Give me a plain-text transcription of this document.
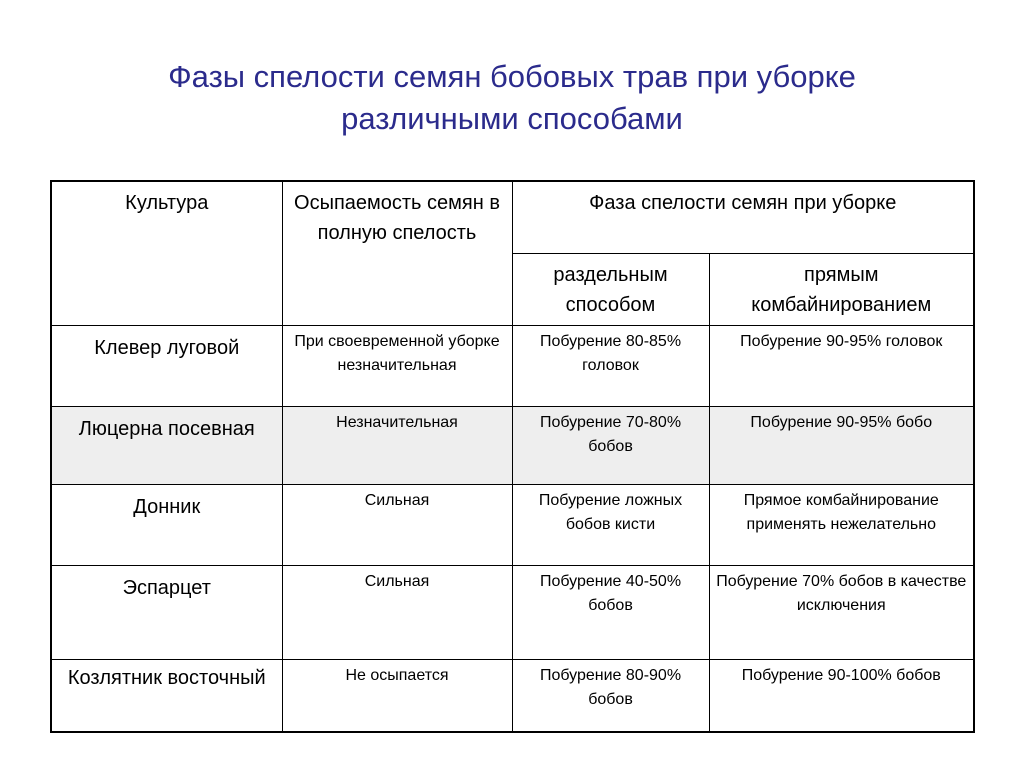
Фазы спелости семян бобовых трав при уборке
различными способами
Культура	Осыпаемость семян в полную спелость	Фаза спелости семян при уборке	

		раздельным способом	прямым комбайнированием

Клевер луговой	При своевременной уборке незначительная	Побурение 80-85% головок	Побурение 90-95% головок

Люцерна посевная	Незначительная	Побурение 70-80% бобов	Побурение 90-95% бобо

Донник	Сильная	Побурение ложных бобов кисти	Прямое комбайнирование применять нежелательно

Эспарцет	Сильная	Побурение 40-50% бобов	Побурение 70% бобов в качестве исключения

Козлятник восточный	Не осыпается	Побурение 80-90% бобов	Побурение 90-100% бобов
